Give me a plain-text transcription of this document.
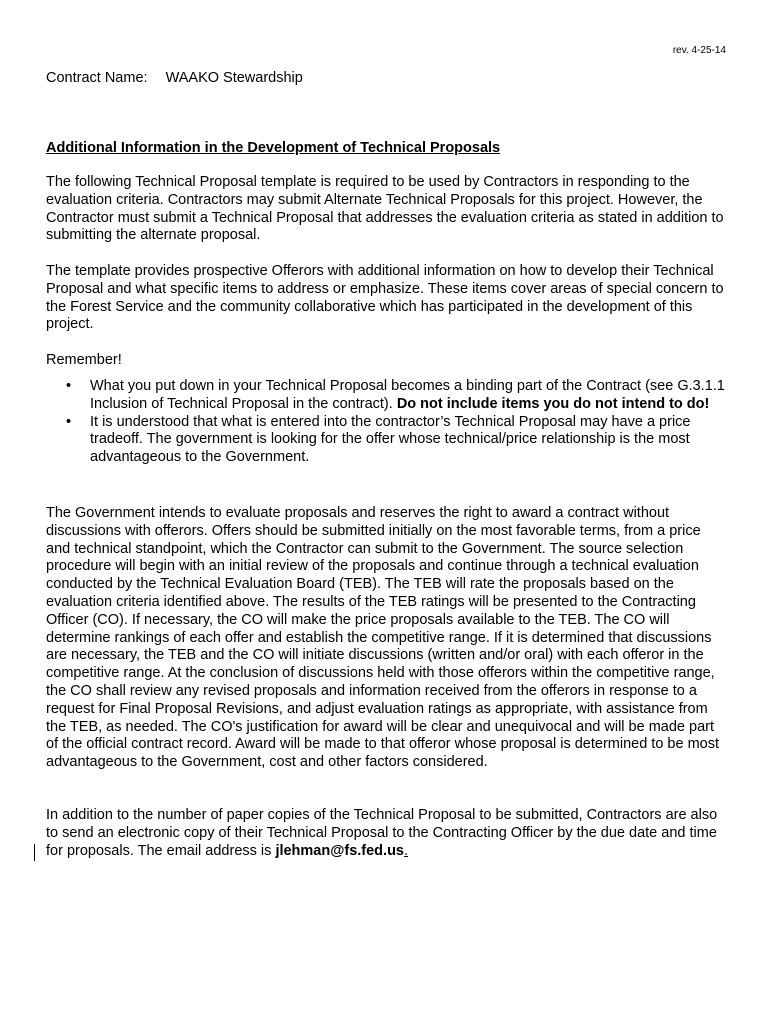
rev. 4-25-14
Contract Name: WAAKO Stewardship
Additional Information in the Development of Technical Proposals

The following Technical Proposal template is required to be used by Contractors in responding to the evaluation criteria. Contractors may submit Alternate Technical Proposals for this project. However, the Contractor must submit a Technical Proposal that addresses the evaluation criteria as stated in addition to submitting the alternate proposal.

The template provides prospective Offerors with additional information on how to develop their Technical Proposal and what specific items to address or emphasize. These items cover areas of special concern to the Forest Service and the community collaborative which has participated in the development of this project.

Remember!

• What you put down in your Technical Proposal becomes a binding part of the Contract (see G.3.1.1 Inclusion of Technical Proposal in the contract). Do not include items you do not intend to do!
• It is understood that what is entered into the contractor’s Technical Proposal may have a price tradeoff. The government is looking for the offer whose technical/price relationship is the most advantageous to the Government.

The Government intends to evaluate proposals and reserves the right to award a contract without discussions with offerors. Offers should be submitted initially on the most favorable terms, from a price and technical standpoint, which the Contractor can submit to the Government. The source selection procedure will begin with an initial review of the proposals and continue through a technical evaluation conducted by the Technical Evaluation Board (TEB). The TEB will rate the proposals based on the evaluation criteria identified above. The results of the TEB ratings will be presented to the Contracting Officer (CO). If necessary, the CO will make the price proposals available to the TEB. The CO will determine rankings of each offer and establish the competitive range. If it is determined that discussions are necessary, the TEB and the CO will initiate discussions (written and/or oral) with each offeror in the competitive range. At the conclusion of discussions held with those offerors within the competitive range, the CO shall review any revised proposals and information received from the offerors in response to a request for Final Proposal Revisions, and adjust evaluation ratings as appropriate, with assistance from the TEB, as needed. The CO's justification for award will be clear and unequivocal and will be made part of the official contract record. Award will be made to that offeror whose proposal is determined to be most advantageous to the Government, cost and other factors considered.

In addition to the number of paper copies of the Technical Proposal to be submitted, Contractors are also to send an electronic copy of their Technical Proposal to the Contracting Officer by the due date and time for proposals. The email address is jlehman@fs.fed.us.
